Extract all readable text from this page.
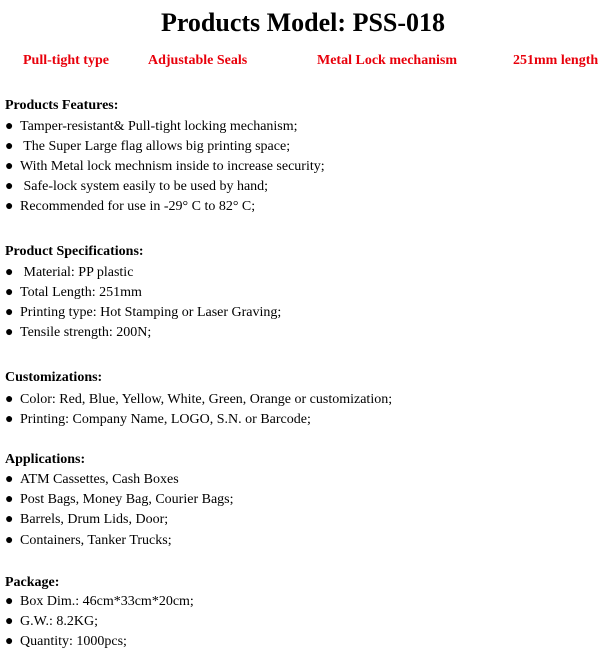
Products Model: PSS-018
Pull-tight type	Adjustable Seals	Metal Lock mechanism	251mm length
Products Features:
● Tamper-resistant& Pull-tight locking mechanism;
● The Super Large flag allows big printing space;
● With Metal lock mechnism inside to increase security;
● Safe-lock system easily to be used by hand;
● Recommended for use in -29° C to 82° C;
Product Specifications:
● Material: PP plastic
● Total Length: 251mm
● Printing type: Hot Stamping or Laser Graving;
● Tensile strength: 200N;
Customizations:
● Color: Red, Blue, Yellow, White, Green, Orange or customization;
● Printing: Company Name, LOGO, S.N. or Barcode;
Applications:
● ATM Cassettes, Cash Boxes
● Post Bags, Money Bag, Courier Bags;
● Barrels, Drum Lids, Door;
● Containers, Tanker Trucks;
Package:
● Box Dim.: 46cm*33cm*20cm;
● G.W.: 8.2KG;
● Quantity: 1000pcs;
